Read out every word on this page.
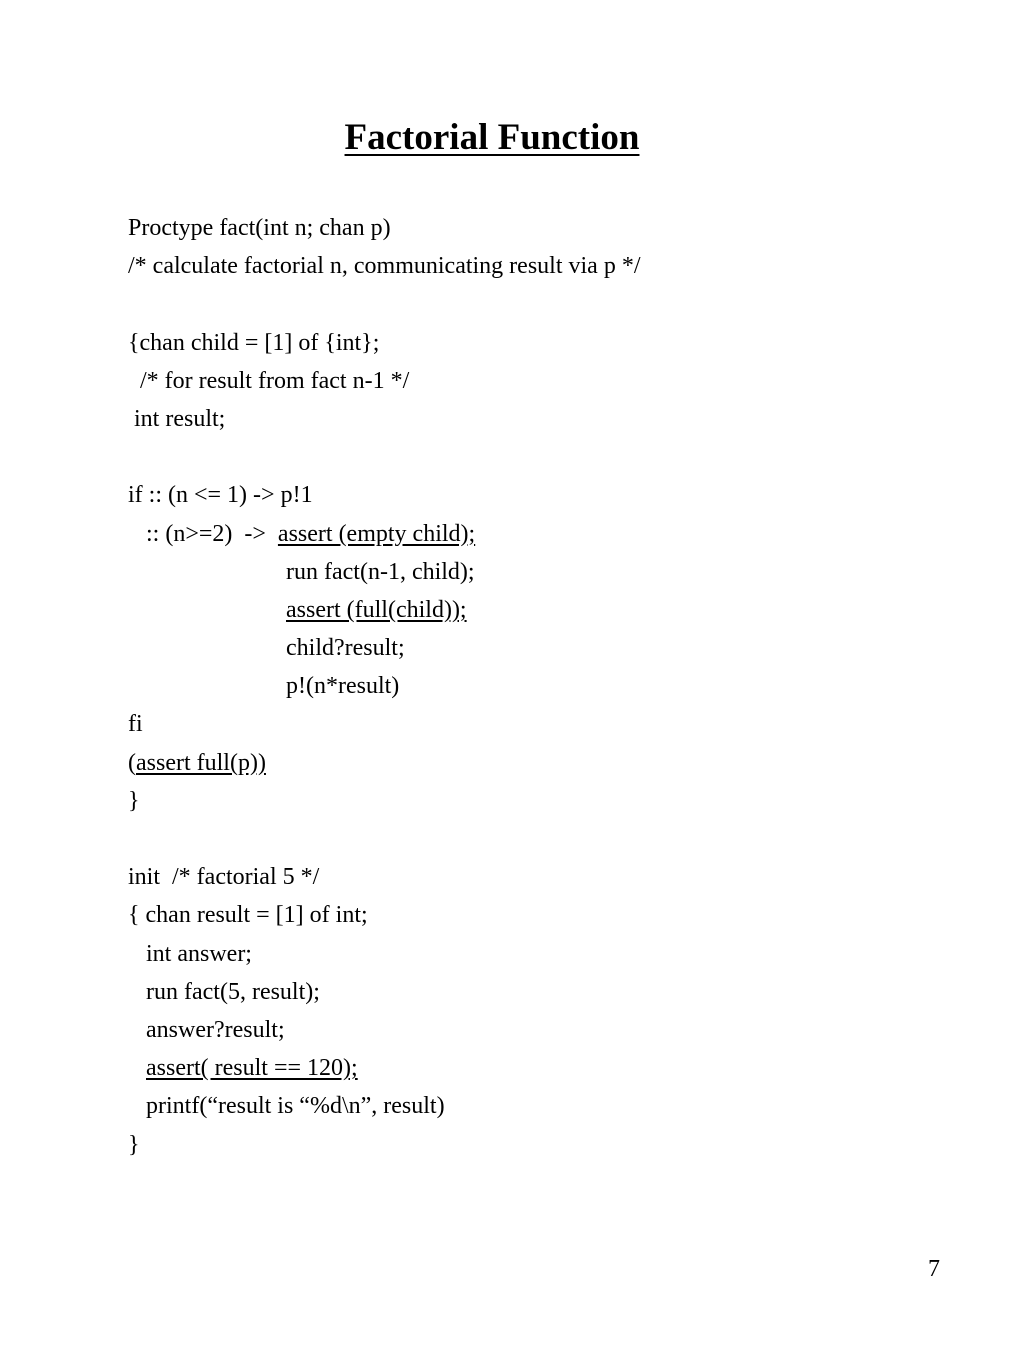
Factorial Function
Proctype fact(int n; chan p)
/* calculate factorial n, communicating result via p */
{chan child = [1] of {int};
/* for result from fact n-1 */
int result;
if :: (n <= 1) -> p!1
:: (n>=2)  ->  assert (empty child);
run fact(n-1, child);
assert (full(child));
child?result;
p!(n*result)
fi
(assert full(p))
}
init  /* factorial 5 */
{ chan result = [1] of int;
int answer;
run fact(5, result);
answer?result;
assert( result == 120);
printf(“result is “%d\n”, result)
}
7
